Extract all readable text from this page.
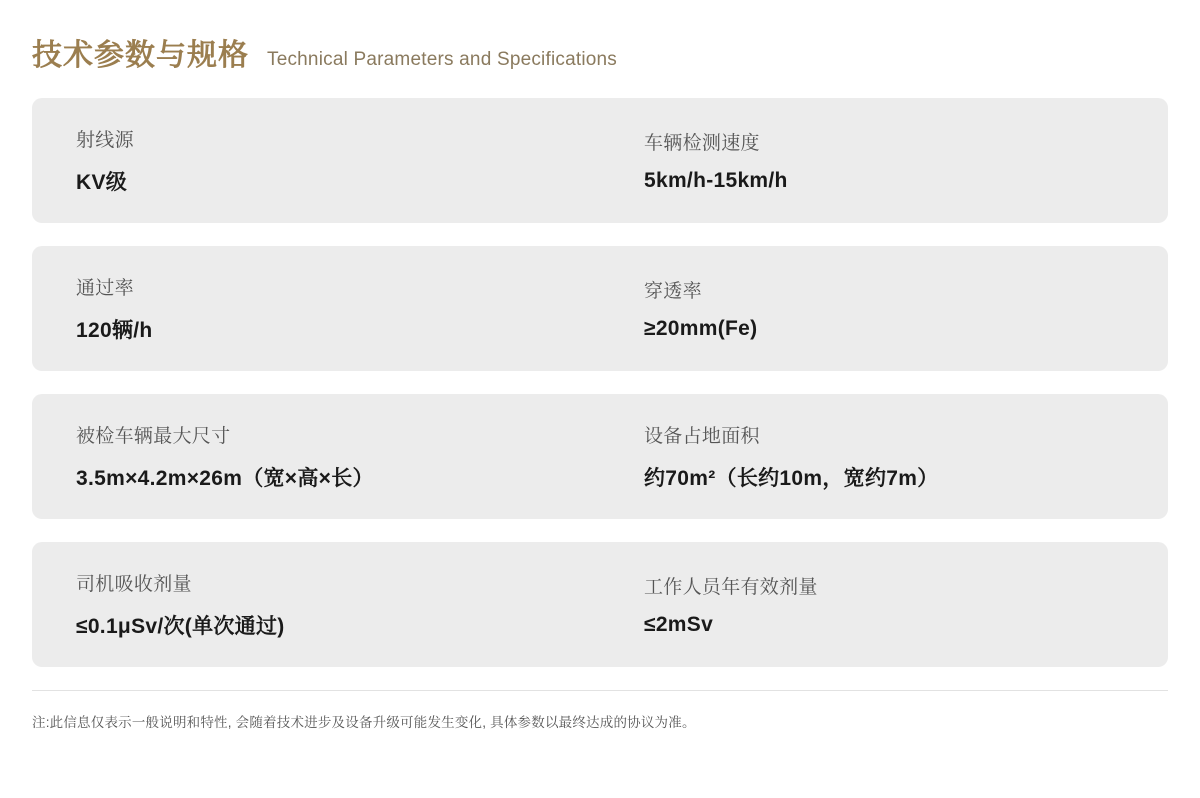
技术参数与规格 Technical Parameters and Specifications
射线源
KV级
车辆检测速度
5km/h-15km/h
通过率
120辆/h
穿透率
≥20mm(Fe)
被检车辆最大尺寸
3.5m×4.2m×26m（宽×高×长）
设备占地面积
约70m²（长约10m，宽约7m）
司机吸收剂量
≤0.1μSv/次(单次通过)
工作人员年有效剂量
≤2mSv
注:此信息仅表示一般说明和特性, 会随着技术进步及设备升级可能发生变化, 具体参数以最终达成的协议为准。
